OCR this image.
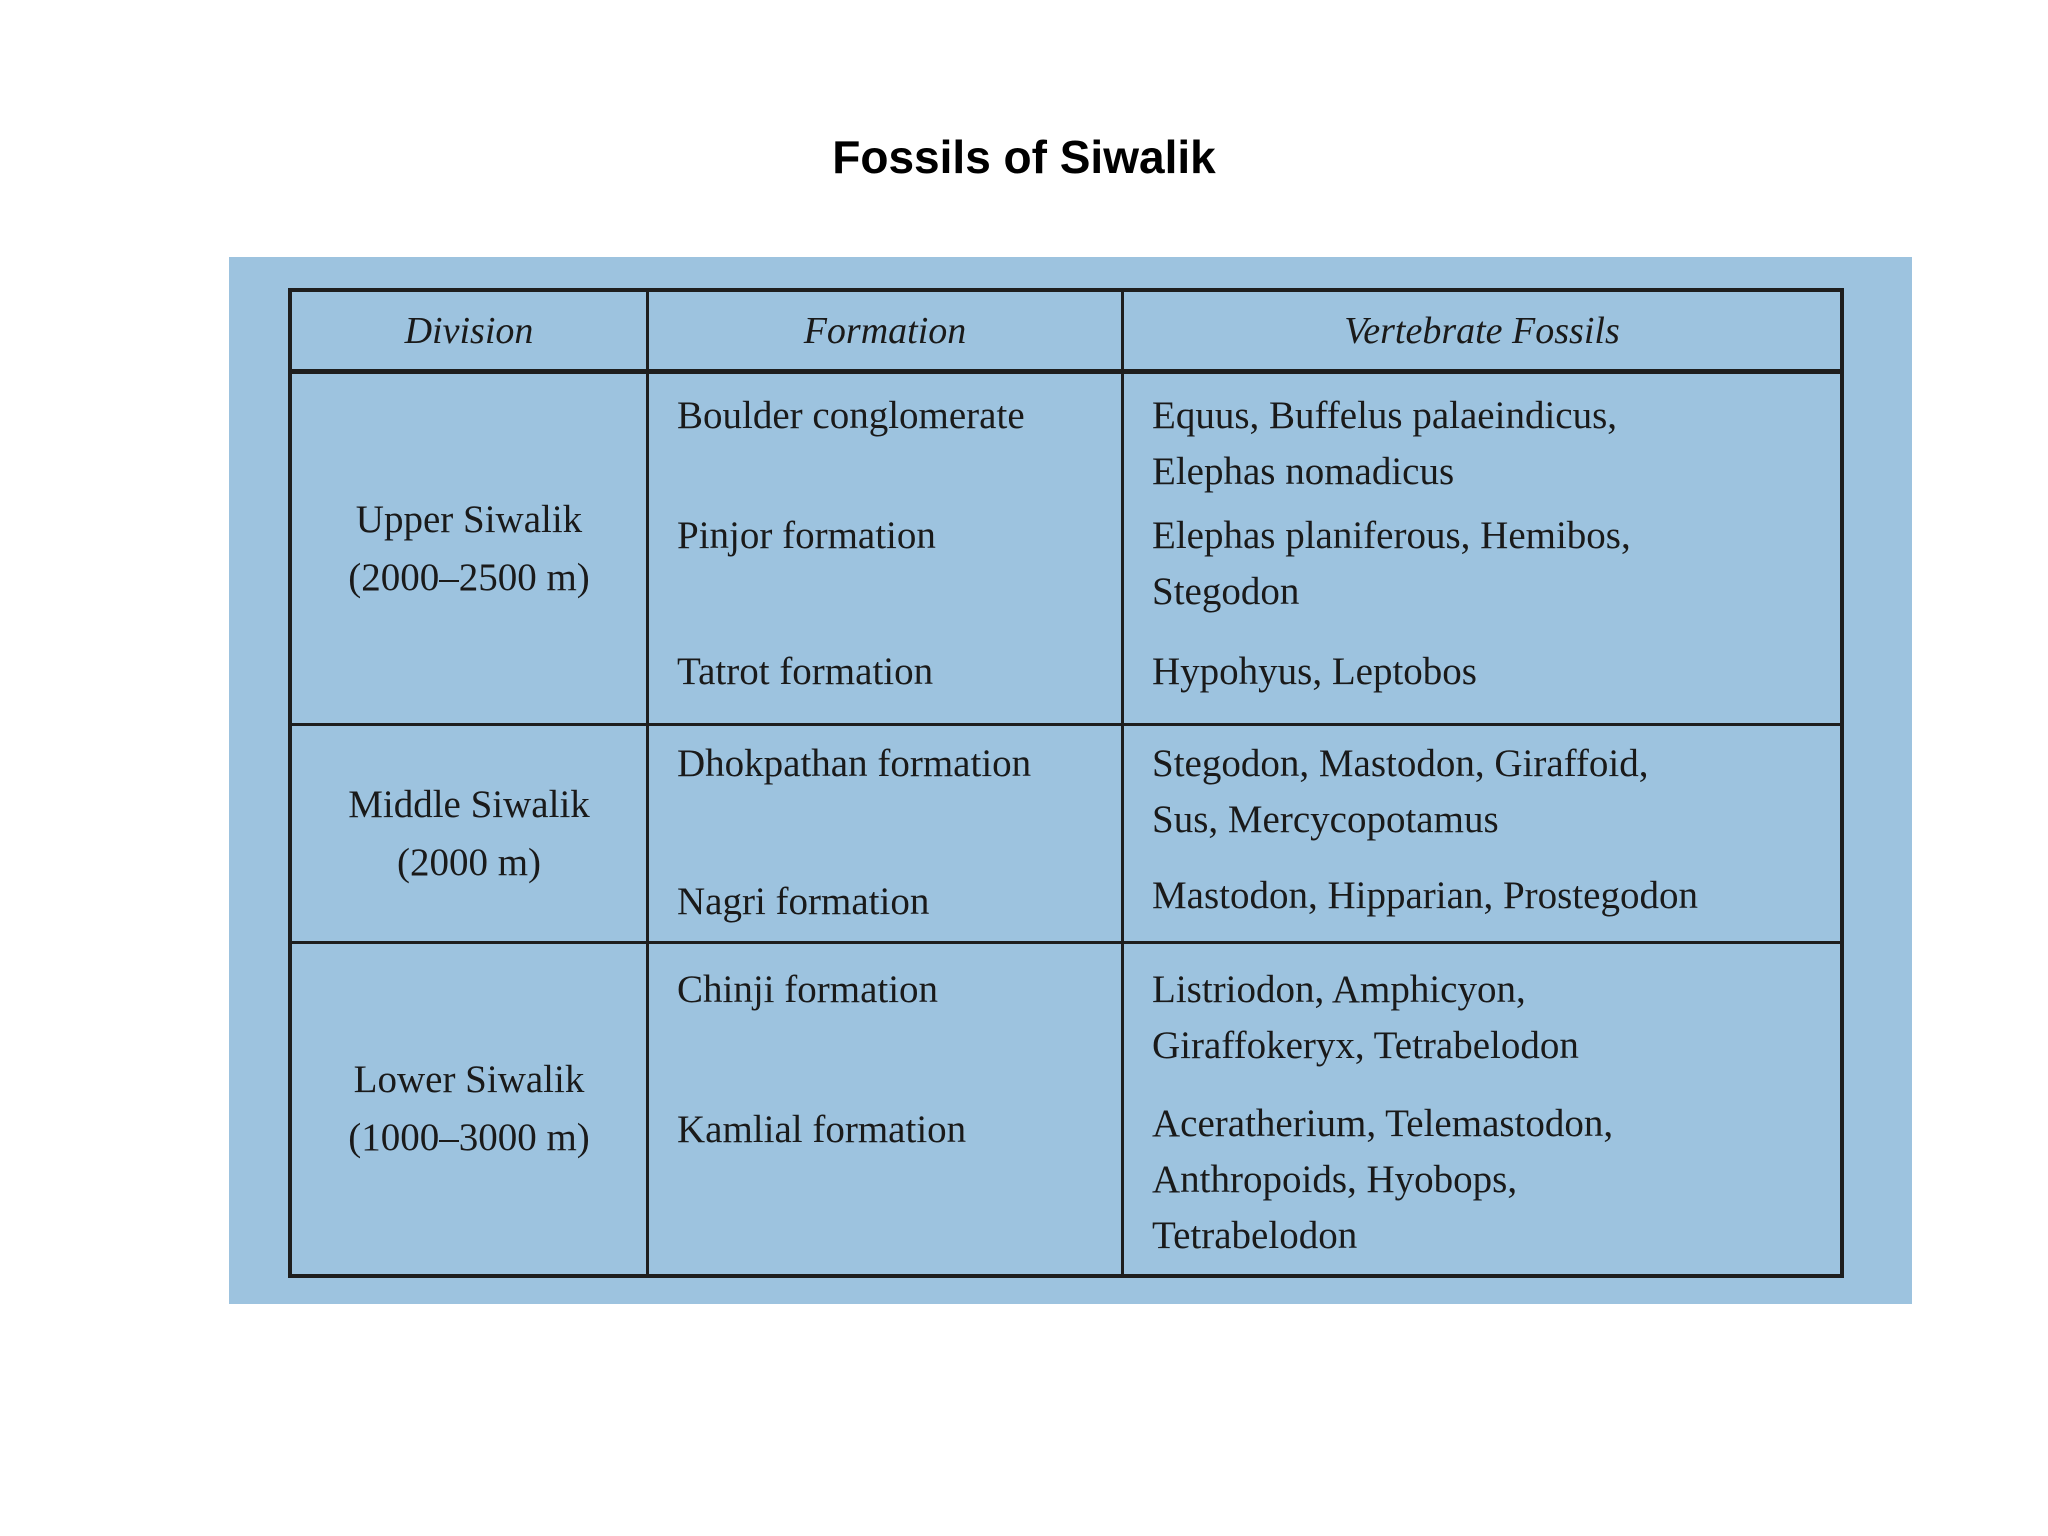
Fossils of Siwalik
Division	Formation	Vertebrate Fossils
Upper Siwalik
(2000–2500 m)
Boulder conglomerate
Pinjor formation
Tatrot formation
Equus, Buffelus palaeindicus,
Elephas nomadicus
Elephas planiferous, Hemibos,
Stegodon
Hypohyus, Leptobos
Middle Siwalik
(2000 m)
Dhokpathan formation
Nagri formation
Stegodon, Mastodon, Giraffoid,
Sus, Mercycopotamus
Mastodon, Hipparian, Prostegodon
Lower Siwalik
(1000–3000 m)
Chinji formation
Kamlial formation
Listriodon, Amphicyon,
Giraffokeryx, Tetrabelodon
Aceratherium, Telemastodon,
Anthropoids, Hyobops,
Tetrabelodon
